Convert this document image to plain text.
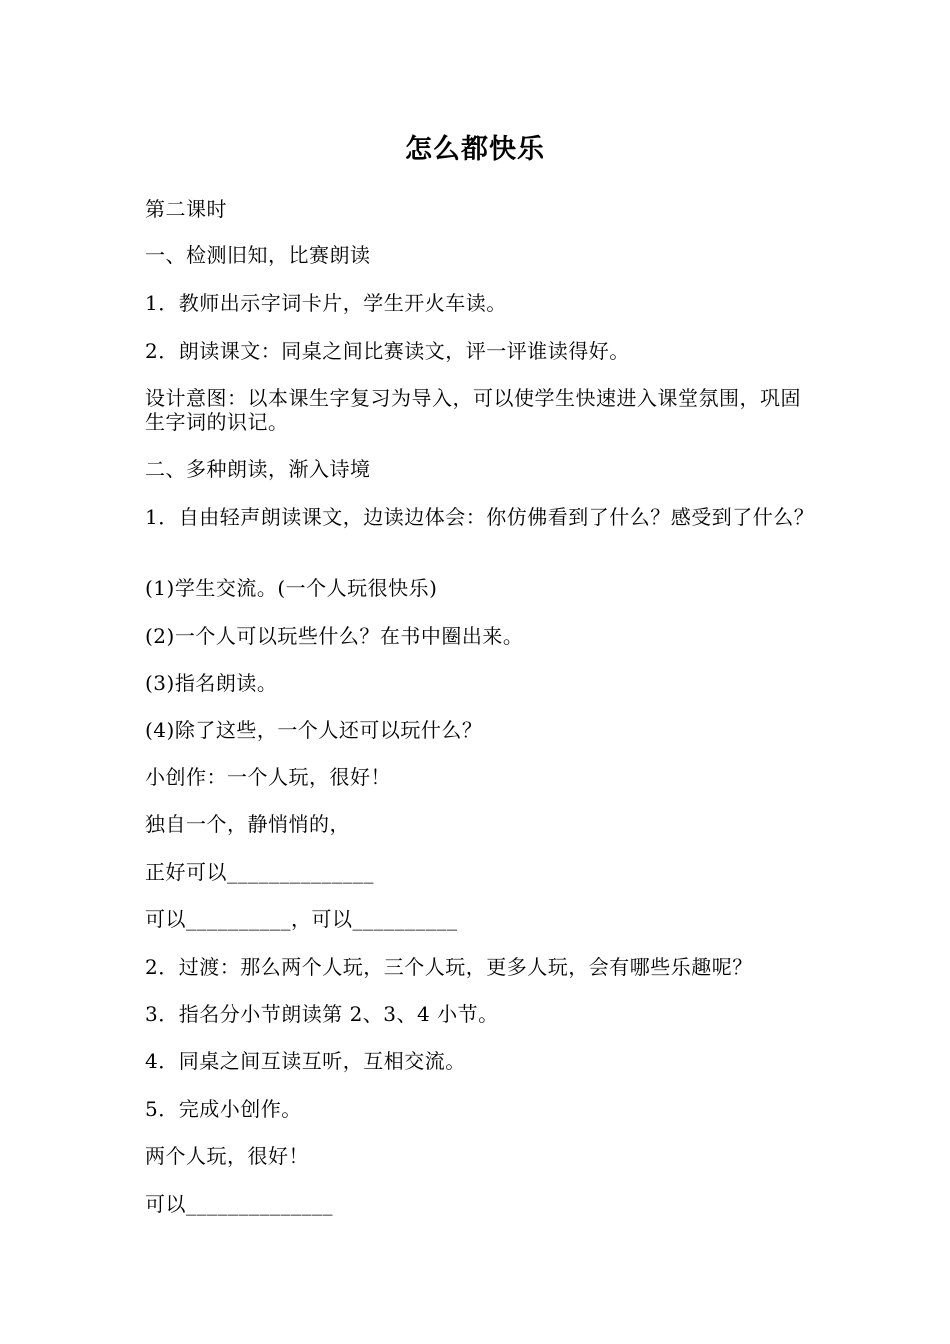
怎么都快乐
第二课时
一、检测旧知，比赛朗读
1．教师出示字词卡片，学生开火车读。
2．朗读课文：同桌之间比赛读文，评一评谁读得好。
设计意图：以本课生字复习为导入，可以使学生快速进入课堂氛围，巩固生字词的识记。
二、多种朗读，渐入诗境
1．自由轻声朗读课文，边读边体会：你仿佛看到了什么？感受到了什么？
(1)学生交流。(一个人玩很快乐)
(2)一个人可以玩些什么？在书中圈出来。
(3)指名朗读。
(4)除了这些，一个人还可以玩什么？
小创作：一个人玩，很好！
独自一个，静悄悄的，
正好可以______________
可以__________，可以__________
2．过渡：那么两个人玩，三个人玩，更多人玩，会有哪些乐趣呢？
3．指名分小节朗读第 2、3、4 小节。
4．同桌之间互读互听，互相交流。
5．完成小创作。
两个人玩，很好！
可以______________
